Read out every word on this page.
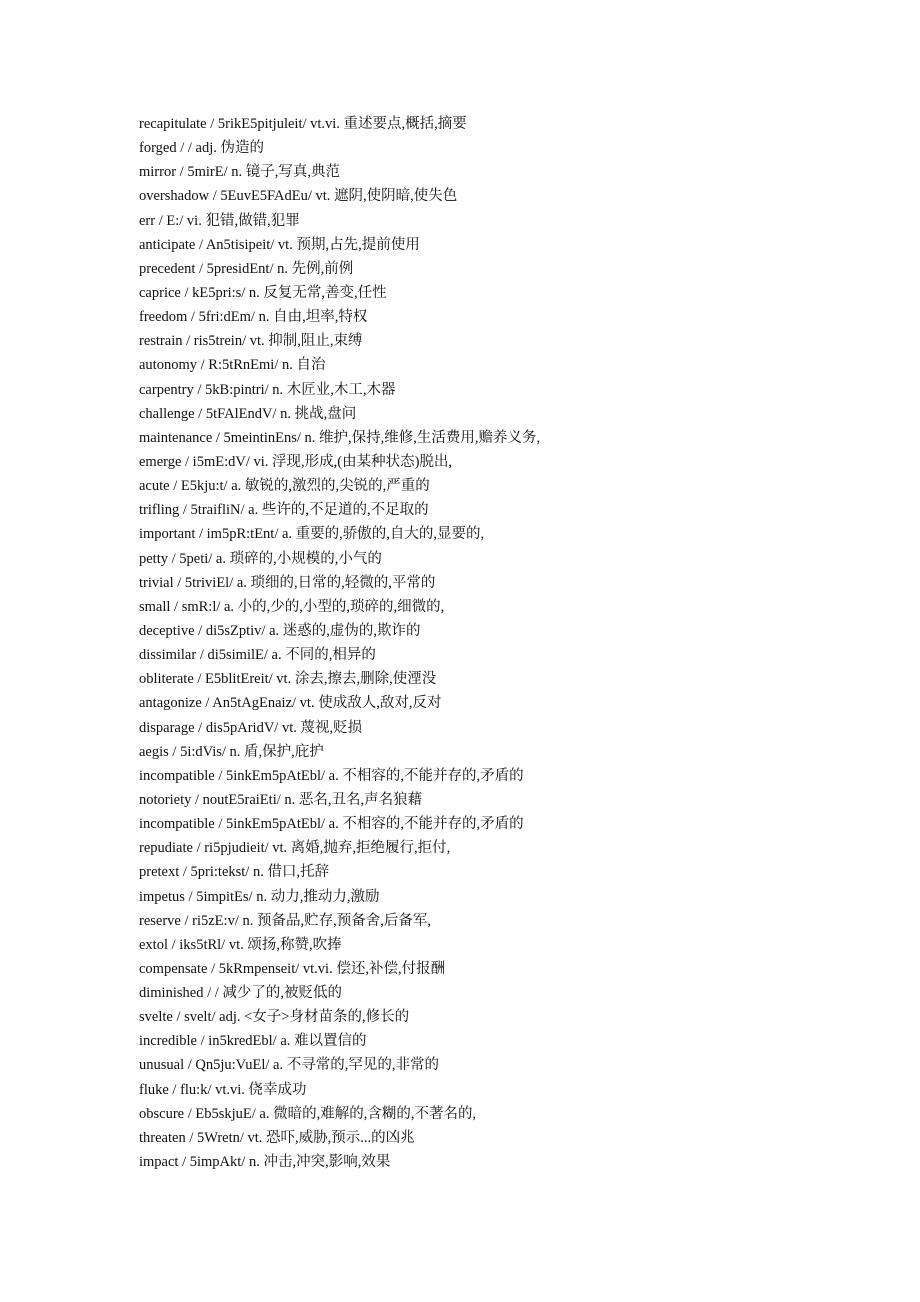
recapitulate / 5rikE5pitjuleit/ vt.vi. 重述要点,概括,摘要
forged / / adj. 伪造的
mirror / 5mirE/ n. 镜子,写真,典范
overshadow / 5EuvE5FAdEu/ vt. 遮阴,使阴暗,使失色
err / E:/ vi. 犯错,做错,犯罪
anticipate / An5tisipeit/ vt. 预期,占先,提前使用
precedent / 5presidEnt/ n. 先例,前例
caprice / kE5pri:s/ n. 反复无常,善变,任性
freedom / 5fri:dEm/ n. 自由,坦率,特权
restrain / ris5trein/ vt. 抑制,阻止,束缚
autonomy / R:5tRnEmi/ n. 自治
carpentry / 5kB:pintri/ n. 木匠业,木工,木器
challenge / 5tFAlEndV/ n. 挑战,盘问
maintenance / 5meintinEns/ n. 维护,保持,维修,生活费用,赡养义务,
emerge / i5mE:dV/ vi. 浮现,形成,(由某种状态)脱出,
acute / E5kju:t/ a. 敏锐的,激烈的,尖锐的,严重的
trifling / 5traifliN/ a. 些许的,不足道的,不足取的
important / im5pR:tEnt/ a. 重要的,骄傲的,自大的,显要的,
petty / 5peti/ a. 琐碎的,小规模的,小气的
trivial / 5triviEl/ a. 琐细的,日常的,轻微的,平常的
small / smR:l/ a. 小的,少的,小型的,琐碎的,细微的,
deceptive / di5sZptiv/ a. 迷惑的,虚伪的,欺诈的
dissimilar / di5similE/ a. 不同的,相异的
obliterate / E5blitEreit/ vt. 涂去,擦去,删除,使湮没
antagonize / An5tAgEnaiz/ vt. 使成敌人,敌对,反对
disparage / dis5pAridV/ vt. 蔑视,贬损
aegis / 5i:dVis/ n. 盾,保护,庇护
incompatible / 5inkEm5pAtEbl/ a. 不相容的,不能并存的,矛盾的
notoriety / noutE5raiEti/ n. 恶名,丑名,声名狼藉
incompatible / 5inkEm5pAtEbl/ a. 不相容的,不能并存的,矛盾的
repudiate / ri5pjudieit/ vt. 离婚,抛弃,拒绝履行,拒付,
pretext / 5pri:tekst/ n. 借口,托辞
impetus / 5impitEs/ n. 动力,推动力,激励
reserve / ri5zE:v/ n. 预备品,贮存,预备舍,后备军,
extol / iks5tRl/ vt. 颂扬,称赞,吹捧
compensate / 5kRmpenseit/ vt.vi. 偿还,补偿,付报酬
diminished / / 减少了的,被贬低的
svelte / svelt/ adj. <女子>身材苗条的,修长的
incredible / in5kredEbl/ a. 难以置信的
unusual / Qn5ju:VuEl/ a. 不寻常的,罕见的,非常的
fluke / flu:k/ vt.vi. 侥幸成功
obscure / Eb5skjuE/ a. 微暗的,难解的,含糊的,不著名的,
threaten / 5Wretn/ vt. 恐吓,威胁,预示...的凶兆
impact / 5impAkt/ n. 冲击,冲突,影响,效果
